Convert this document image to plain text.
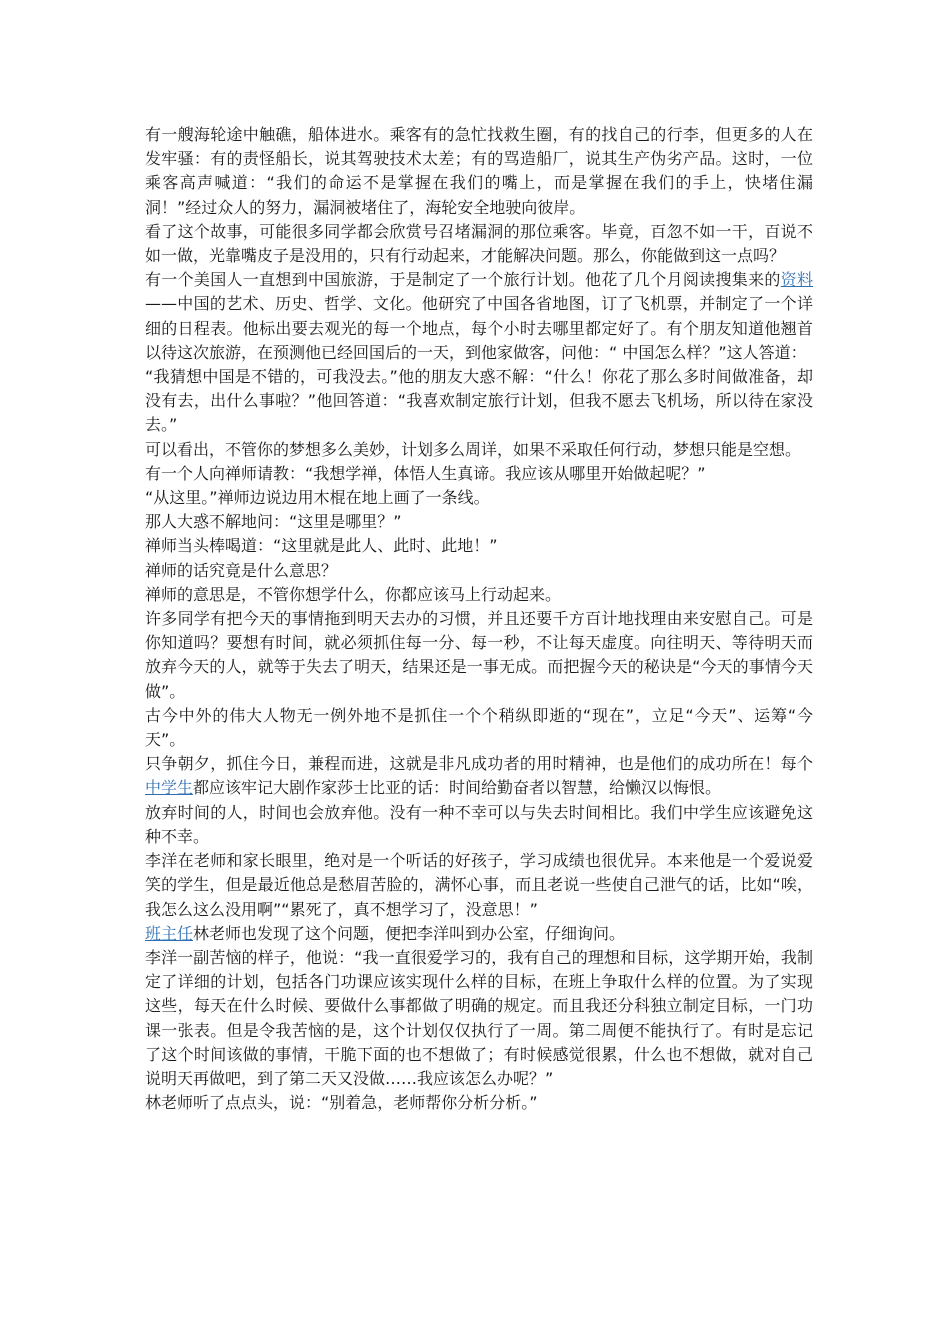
有一艘海轮途中触礁，船体进水。乘客有的急忙找救生圈，有的找自己的行李，但更多的人在发牢骚：有的责怪船长，说其驾驶技术太差；有的骂造船厂，说其生产伪劣产品。这时，一位乘客高声喊道：“我们的命运不是掌握在我们的嘴上，而是掌握在我们的手上，快堵住漏洞！”经过众人的努力，漏洞被堵住了，海轮安全地驶向彼岸。

看了这个故事，可能很多同学都会欣赏号召堵漏洞的那位乘客。毕竟，百忽不如一干，百说不如一做，光靠嘴皮子是没用的，只有行动起来，才能解决问题。那么，你能做到这一点吗？

有一个美国人一直想到中国旅游，于是制定了一个旅行计划。他花了几个月阅读搜集来的资料——中国的艺术、历史、哲学、文化。他研究了中国各省地图，订了飞机票，并制定了一个详细的日程表。他标出要去观光的每一个地点，每个小时去哪里都定好了。有个朋友知道他翘首以待这次旅游，在预测他已经回国后的一天，到他家做客，问他：“ 中国怎么样？”这人答道：

“我猜想中国是不错的，可我没去。”他的朋友大惑不解：“什么！你花了那么多时间做准备，却没有去，出什么事啦？”他回答道：“我喜欢制定旅行计划，但我不愿去飞机场，所以待在家没去。”

可以看出，不管你的梦想多么美妙，计划多么周详，如果不采取任何行动，梦想只能是空想。

有一个人向禅师请教：“我想学禅，体悟人生真谛。我应该从哪里开始做起呢？”

“从这里。”禅师边说边用木棍在地上画了一条线。

那人大惑不解地问：“这里是哪里？”

禅师当头棒喝道：“这里就是此人、此时、此地！”

禅师的话究竟是什么意思？

禅师的意思是，不管你想学什么，你都应该马上行动起来。

许多同学有把今天的事情拖到明天去办的习惯，并且还要千方百计地找理由来安慰自己。可是你知道吗？要想有时间，就必须抓住每一分、每一秒，不让每天虚度。向往明天、等待明天而放弃今天的人，就等于失去了明天，结果还是一事无成。而把握今天的秘诀是“今天的事情今天做”。

古今中外的伟大人物无一例外地不是抓住一个个稍纵即逝的“现在”，立足“今天”、运筹“今天”。

只争朝夕，抓住今日，兼程而进，这就是非凡成功者的用时精神，也是他们的成功所在！每个中学生都应该牢记大剧作家莎士比亚的话：时间给勤奋者以智慧，给懒汉以悔恨。

放弃时间的人，时间也会放弃他。没有一种不幸可以与失去时间相比。我们中学生应该避免这种不幸。

李洋在老师和家长眼里，绝对是一个听话的好孩子，学习成绩也很优异。本来他是一个爱说爱笑的学生，但是最近他总是愁眉苦脸的，满怀心事，而且老说一些使自己泄气的话，比如“唉，我怎么这么没用啊”“累死了，真不想学习了，没意思！”

班主任林老师也发现了这个问题，便把李洋叫到办公室，仔细询问。

李洋一副苦恼的样子，他说：“我一直很爱学习的，我有自己的理想和目标，这学期开始，我制定了详细的计划，包括各门功课应该实现什么样的目标，在班上争取什么样的位置。为了实现这些，每天在什么时候、要做什么事都做了明确的规定。而且我还分科独立制定目标，一门功课一张表。但是令我苦恼的是，这个计划仅仅执行了一周。第二周便不能执行了。有时是忘记了这个时间该做的事情，干脆下面的也不想做了；有时候感觉很累，什么也不想做，就对自己说明天再做吧，到了第二天又没做……我应该怎么办呢？”

林老师听了点点头，说：“别着急，老师帮你分析分析。”
